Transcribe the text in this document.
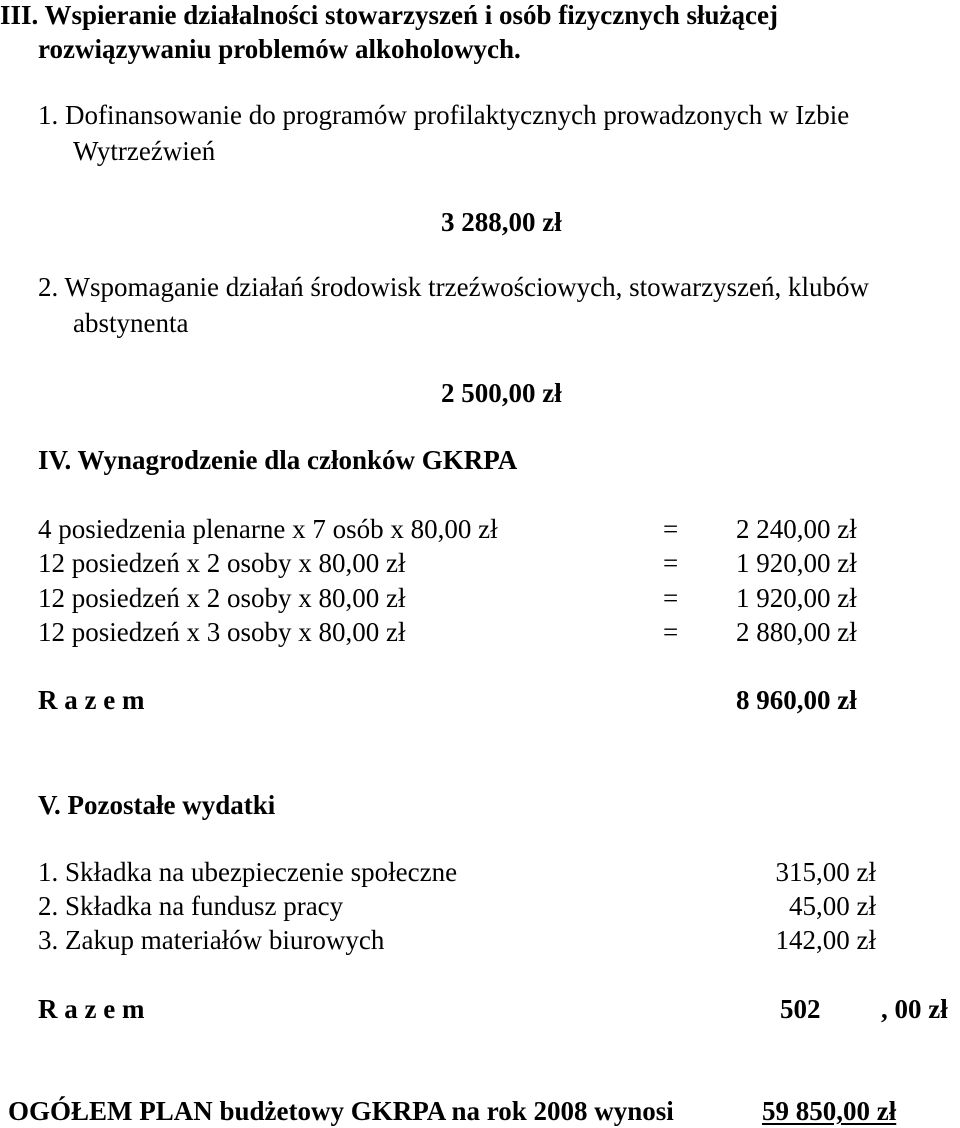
III. Wspieranie działalności stowarzyszeń i osób fizycznych służącej
rozwiązywaniu problemów alkoholowych.
1. Dofinansowanie do programów profilaktycznych prowadzonych w Izbie
Wytrzeźwień
3 288,00 zł
2. Wspomaganie działań środowisk trzeźwościowych, stowarzyszeń, klubów
abstynenta
2 500,00 zł
IV. Wynagrodzenie dla członków GKRPA
4 posiedzenia plenarne x 7 osób x 80,00 zł	= 2 240,00 zł
12 posiedzeń x 2 osoby x 80,00 zł	= 1 920,00 zł
12 posiedzeń x 2 osoby x 80,00 zł	= 1 920,00 zł
12 posiedzeń x 3 osoby x 80,00 zł	= 2 880,00 zł
R a z e m	8 960,00 zł
V. Pozostałe wydatki
1. Składka na ubezpieczenie społeczne	315,00 zł
2. Składka na fundusz pracy	45,00 zł
3. Zakup materiałów biurowych	142,00 zł
R a z e m	502 , 00 zł
OGÓŁEM PLAN budżetowy GKRPA na rok 2008 wynosi	59 850,00 zł
